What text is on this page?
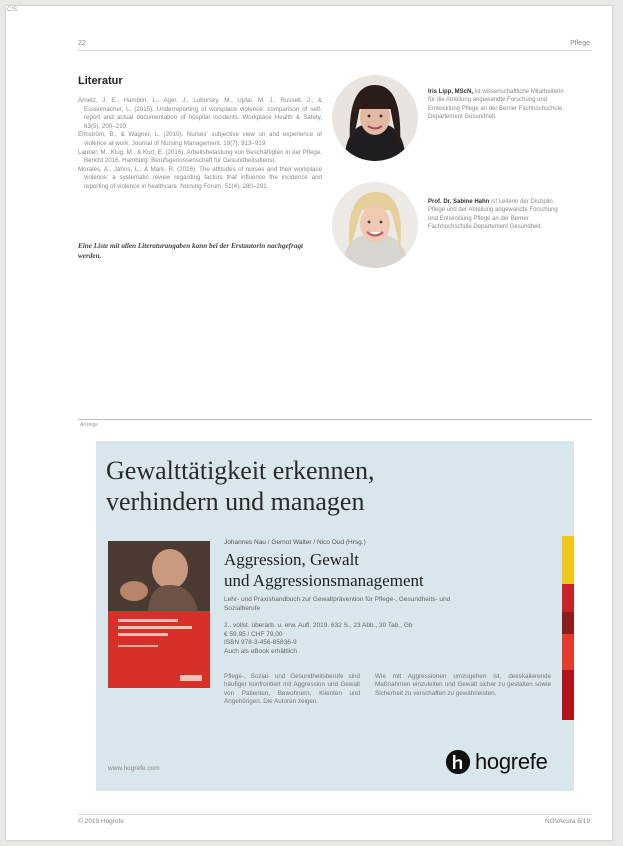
C/S
22	Pflege
Literatur

Arnetz, J. E., Hamblin, L., Ager, J., Luborsky, M., Upfal, M. J., Russell, J., & Essenmacher, L. (2015). Underreporting of workplace violence: comparison of self-report and actual documentation of hospital incidents. Workplace Health & Safety, 63(5), 200–210.

Elmström, B., & Wagner, L. (2010). Nurses‘ subjective view on and experience of violence at work. Journal of Nursing Management, 18(7), 913–919.

Lauber, M., Klug, M., & Kurt, E. (2016). Arbeitsbelastung von Beschäftigten in der Pflege. Bericht 2016. Hamburg: Berufsgenossenschaft für Gesundheitsdienst.

Morales, A., Jahns, L., & Mark, R. (2016). The attitudes of nurses and their workplace violence: a systematic review regarding factors that influence the incidence and reporting of violence in healthcare. Nursing Forum, 51(4), 280–291.

Eine Liste mit allen Literaturangaben kann bei der Erstautorin nachgefragt werden.
Iris Lipp, MScN, ist wissenschaftliche Mitarbeiterin für die Abteilung angewandte Forschung und Entwicklung Pflege an der Berner Fachhochschule Departement Gesundheit.
Prof. Dr. Sabine Hahn ist Leiterin der Disziplin Pflege und der Abteilung angewandte Forschung und Entwicklung Pflege an der Berner Fachhochschule Departement Gesundheit.
Anzeige
Gewalttätigkeit erkennen,
verhindern und managen
Johannes Nau / Gernot Walter / Nico Oud (Hrsg.)
Aggression, Gewalt
und Aggressionsmanagement
Lehr- und Praxishandbuch zur Gewaltprävention für Pflege-, Gesundheits- und Sozialberufe
2., vollst. überarb. u. erw. Aufl. 2019. 632 S., 23 Abb., 30 Tab., Gb
€ 59,95 / CHF 79.00
ISBN 978-3-456-85836-9
Auch als eBook erhältlich
Pflege-, Sozial- und Gesundheitsberufe sind häufiger konfrontiert mit Aggression und Gewalt von Patienten, Bewohnern, Klienten und Angehörigen. Die Autoren zeigen.
Wie mit Aggressionen umzugehen ist, deeskalierende Maßnahmen einzuleiten und Gewalt sicher zu gestalten sowie Sicherheit zu verschaffen zu gewährleisten.
www.hogrefe.com	hogrefe
© 2019 Hogrefe	NOVAcura 6/19
